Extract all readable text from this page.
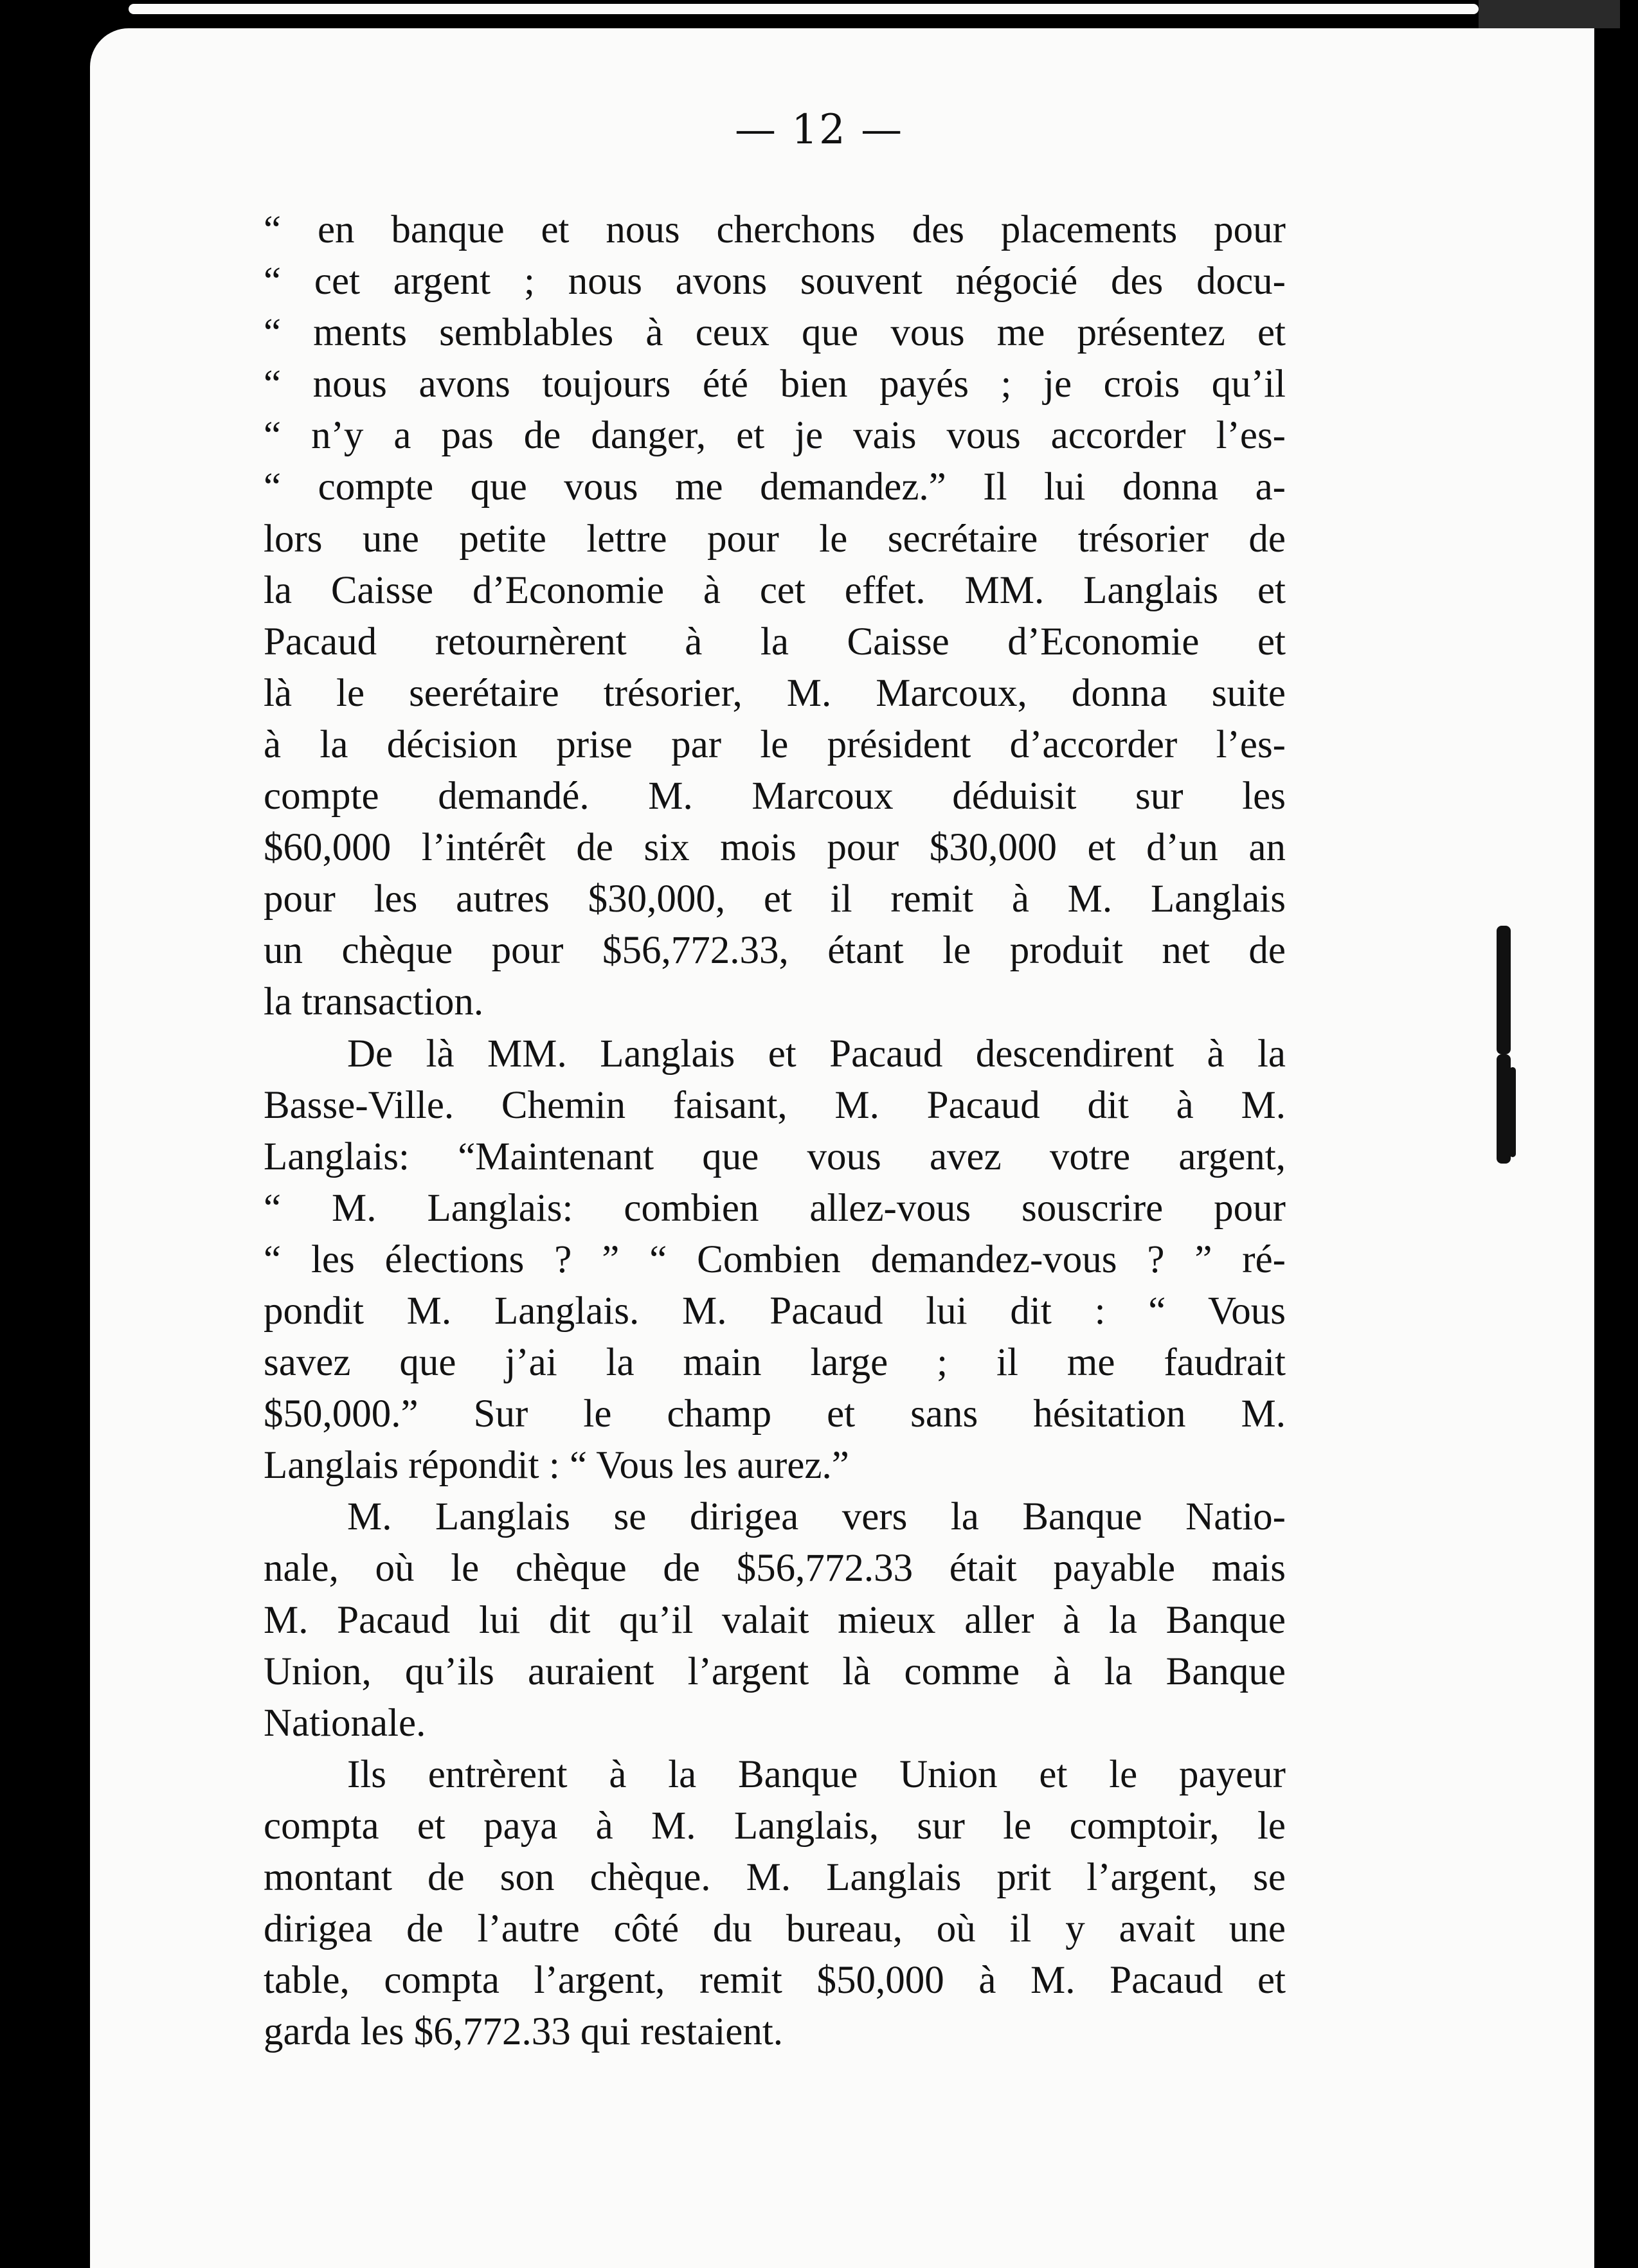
— 12 —
“ en banque et nous cherchons des placements pour
“ cet argent ; nous avons souvent négocié des docu-
“ ments semblables à ceux que vous me présentez et
“ nous avons toujours été bien payés ; je crois qu’il
“ n’y a pas de danger, et je vais vous accorder l’es-
“ compte que vous me demandez.” Il lui donna a-
lors une petite lettre pour le secrétaire trésorier de
la Caisse d’Economie à cet effet. MM. Langlais et
Pacaud retournèrent à la Caisse d’Economie et
là le seerétaire trésorier, M. Marcoux, donna suite
à la décision prise par le président d’accorder l’es-
compte demandé. M. Marcoux déduisit sur les
$60,000 l’intérêt de six mois pour $30,000 et d’un an
pour les autres $30,000, et il remit à M. Langlais
un chèque pour $56,772.33, étant le produit net de
la transaction.
De là MM. Langlais et Pacaud descendirent à la
Basse-Ville. Chemin faisant, M. Pacaud dit à M.
Langlais: “Maintenant que vous avez votre argent,
“ M. Langlais: combien allez-vous souscrire pour
“ les élections ? ” “ Combien demandez-vous ? ” ré-
pondit M. Langlais. M. Pacaud lui dit : “ Vous
savez que j’ai la main large ; il me faudrait
$50,000.” Sur le champ et sans hésitation M.
Langlais répondit : “ Vous les aurez.”
M. Langlais se dirigea vers la Banque Natio-
nale, où le chèque de $56,772.33 était payable mais
M. Pacaud lui dit qu’il valait mieux aller à la Banque
Union, qu’ils auraient l’argent là comme à la Banque
Nationale.
Ils entrèrent à la Banque Union et le payeur
compta et paya à M. Langlais, sur le comptoir, le
montant de son chèque. M. Langlais prit l’argent, se
dirigea de l’autre côté du bureau, où il y avait une
table, compta l’argent, remit $50,000 à M. Pacaud et
garda les $6,772.33 qui restaient.
